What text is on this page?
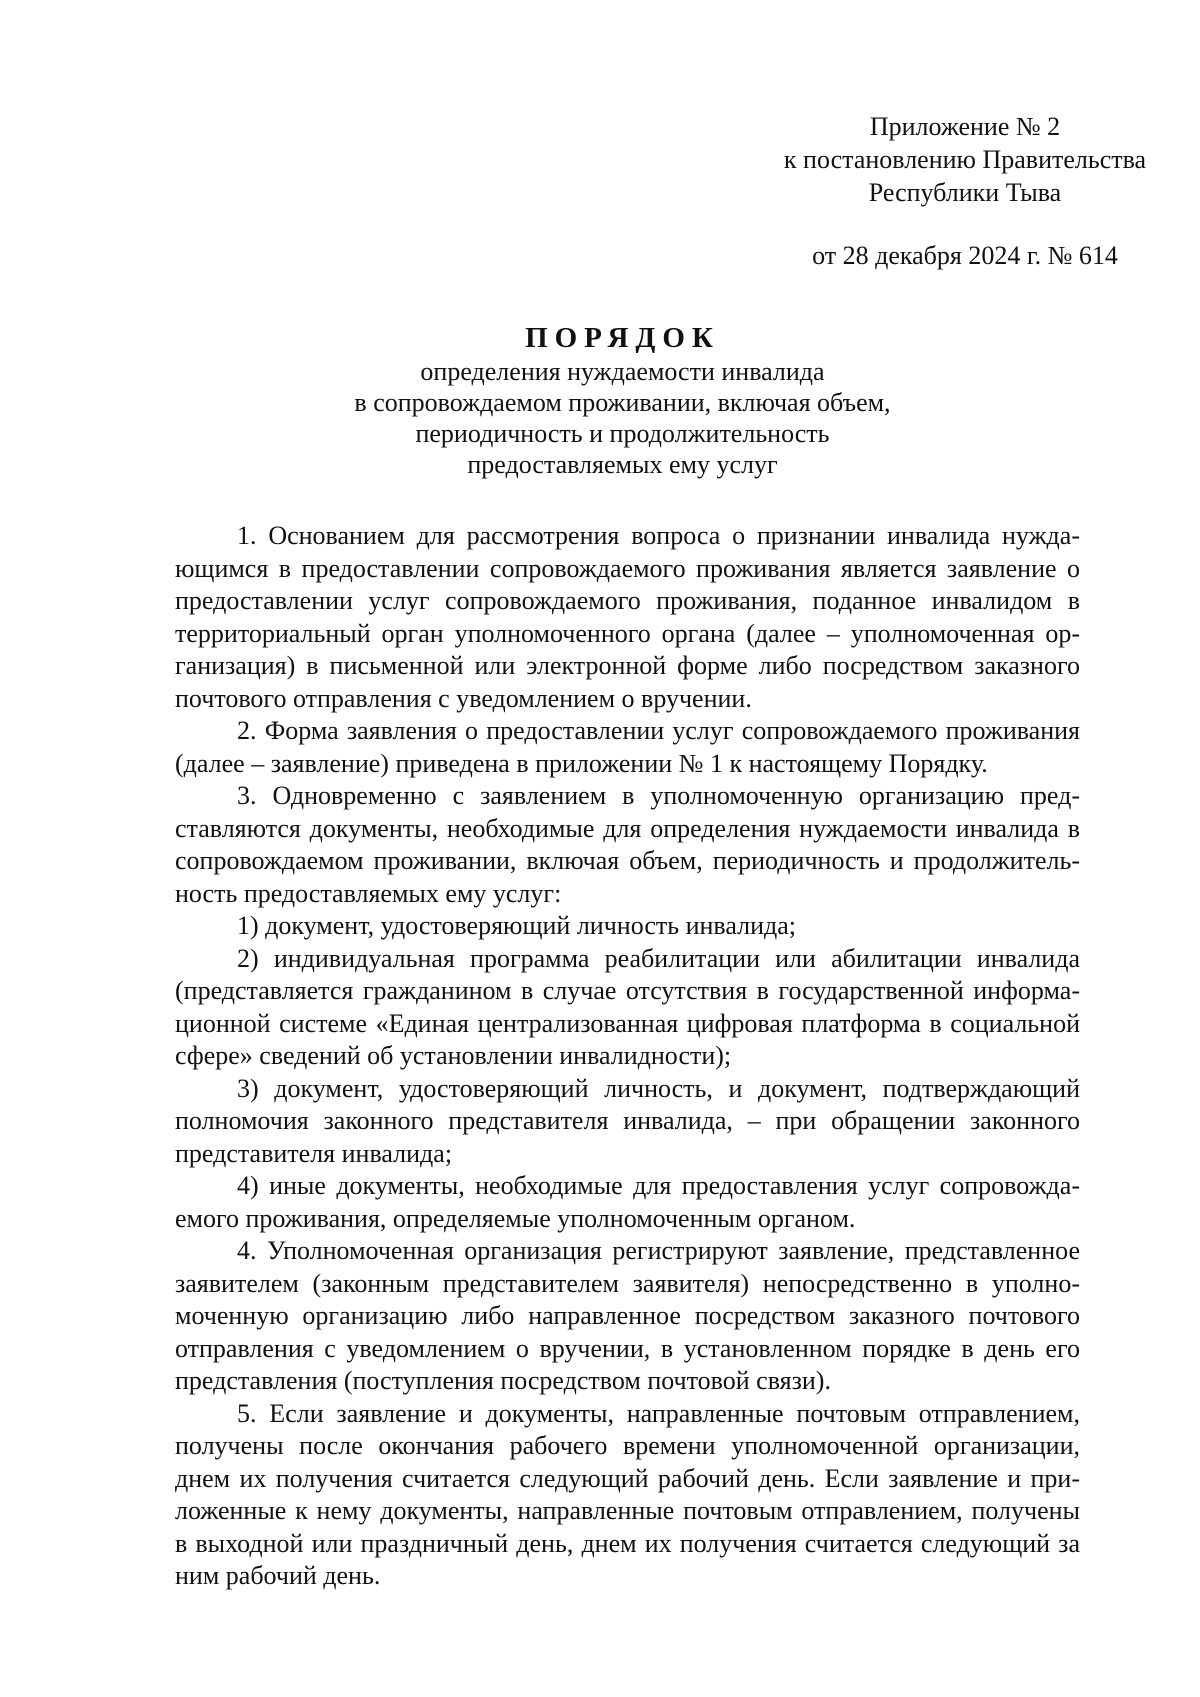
Приложение № 2
к постановлению Правительства
Республики Тыва
от 28 декабря 2024 г. № 614
ПОРЯДОК
определения нуждаемости инвалида
в сопровождаемом проживании, включая объем,
периодичность и продолжительность
предоставляемых ему услуг

1. Основанием для рассмотрения вопроса о признании инвалида нуждающимся в предоставлении сопровождаемого проживания является заявление о предоставлении услуг сопровождаемого проживания, поданное инвалидом в территориальный орган уполномоченного органа (далее – уполномоченная организация) в письменной или электронной форме либо посредством заказного почтового отправления с уведомлением о вручении.

2. Форма заявления о предоставлении услуг сопровождаемого проживания (далее – заявление) приведена в приложении № 1 к настоящему Порядку.

3. Одновременно с заявлением в уполномоченную организацию представляются документы, необходимые для определения нуждаемости инвалида в сопровождаемом проживании, включая объем, периодичность и продолжительность предоставляемых ему услуг:

1) документ, удостоверяющий личность инвалида;

2) индивидуальная программа реабилитации или абилитации инвалида (представляется гражданином в случае отсутствия в государственной информационной системе «Единая централизованная цифровая платформа в социальной сфере» сведений об установлении инвалидности);

3) документ, удостоверяющий личность, и документ, подтверждающий полномочия законного представителя инвалида, – при обращении законного представителя инвалида;

4) иные документы, необходимые для предоставления услуг сопровождаемого проживания, определяемые уполномоченным органом.

4. Уполномоченная организация регистрируют заявление, представленное заявителем (законным представителем заявителя) непосредственно в уполномоченную организацию либо направленное посредством заказного почтового отправления с уведомлением о вручении, в установленном порядке в день его представления (поступления посредством почтовой связи).

5. Если заявление и документы, направленные почтовым отправлением, получены после окончания рабочего времени уполномоченной организации, днем их получения считается следующий рабочий день. Если заявление и приложенные к нему документы, направленные почтовым отправлением, получены в выходной или праздничный день, днем их получения считается следующий за ним рабочий день.
